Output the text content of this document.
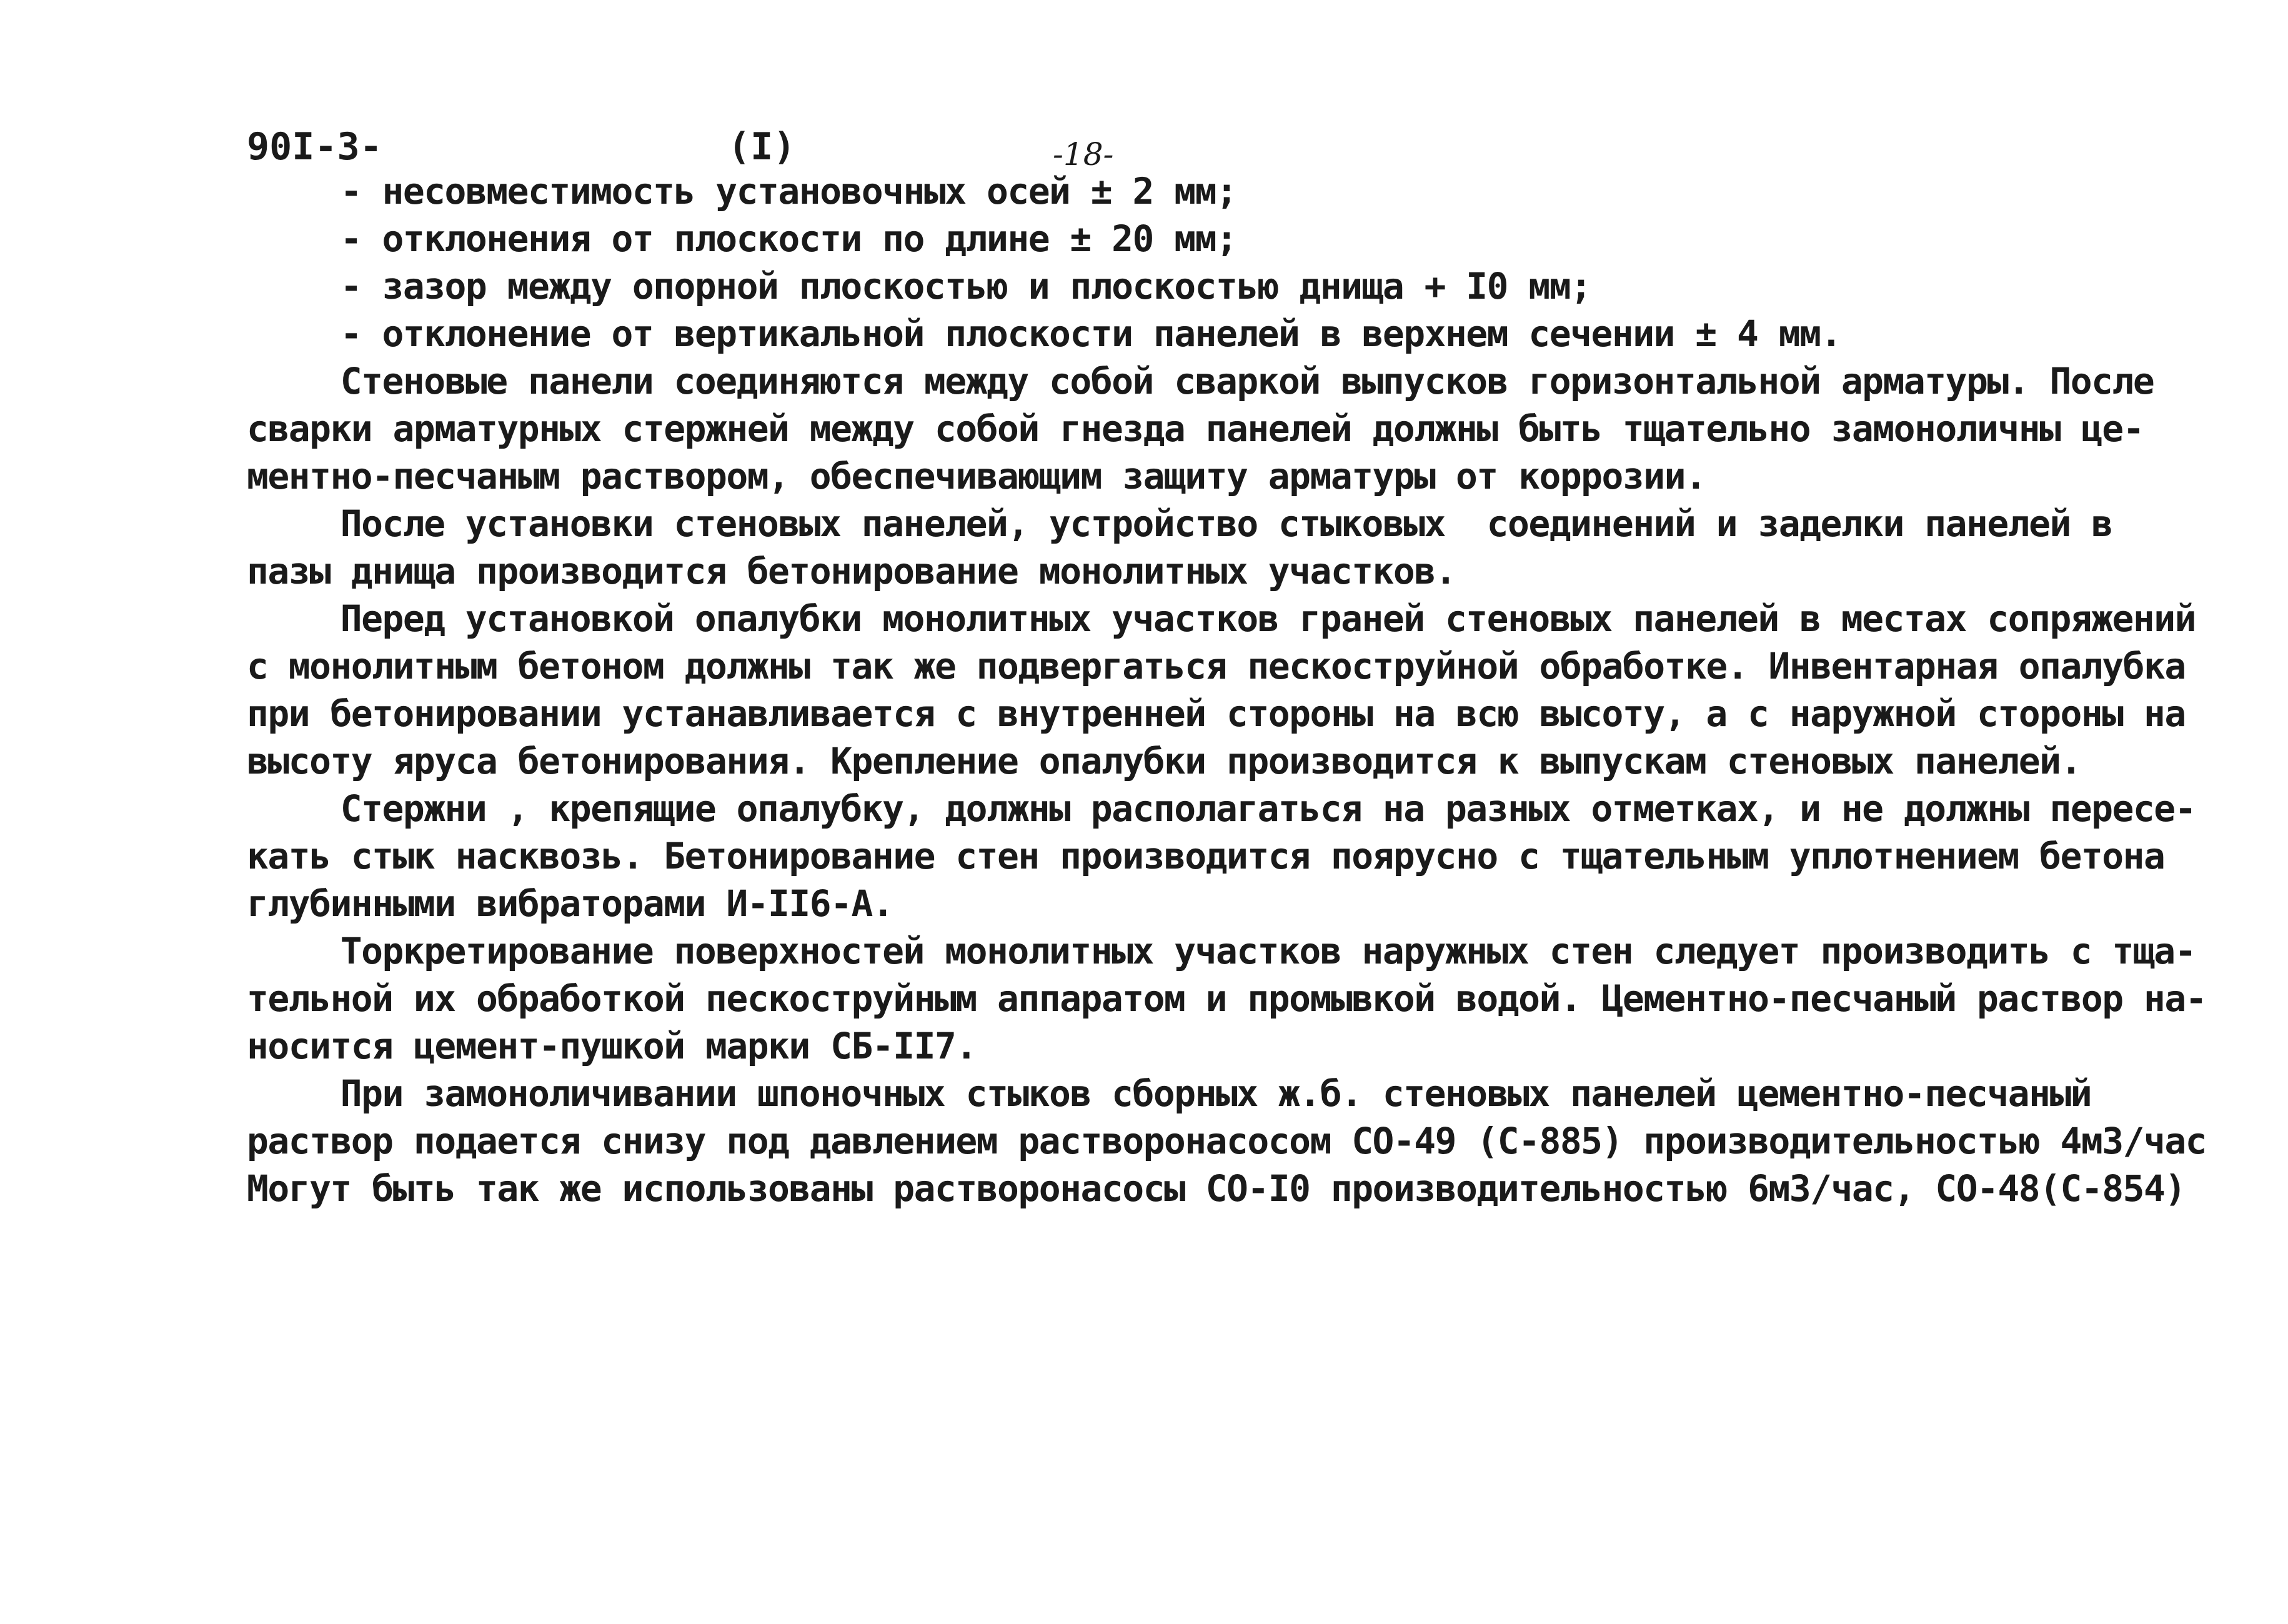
90I-3-	(I)	-18-
- несовместимость установочных осей ± 2 мм;
- отклонения от плоскости по длине ± 20 мм;
- зазор между опорной плоскостью и плоскостью днища + I0 мм;
- отклонение от вертикальной плоскости панелей в верхнем сечении ± 4 мм.
Стеновые панели соединяются между собой сваркой выпусков горизонтальной арматуры. После
сварки арматурных стержней между собой гнезда панелей должны быть тщательно замоноличны це-
ментно-песчаным раствором, обеспечивающим защиту арматуры от коррозии.
После установки стеновых панелей, устройство стыковых  соединений и заделки панелей в
пазы днища производится бетонирование монолитных участков.
Перед установкой опалубки монолитных участков граней стеновых панелей в местах сопряжений
с монолитным бетоном должны так же подвергаться пескоструйной обработке. Инвентарная опалубка
при бетонировании устанавливается с внутренней стороны на всю высоту, а с наружной стороны на
высоту яруса бетонирования. Крепление опалубки производится к выпускам стеновых панелей.
Стержни , крепящие опалубку, должны располагаться на разных отметках, и не должны пересе-
кать стык насквозь. Бетонирование стен производится поярусно с тщательным уплотнением бетона
глубинными вибраторами И-II6-А.
Торкретирование поверхностей монолитных участков наружных стен следует производить с тща-
тельной их обработкой пескоструйным аппаратом и промывкой водой. Цементно-песчаный раствор на-
носится цемент-пушкой марки СБ-II7.
При замоноличивании шпоночных стыков сборных ж.б. стеновых панелей цементно-песчаный
раствор подается снизу под давлением растворонасосом СО-49 (С-885) производительностью 4м3/час
Могут быть так же использованы растворонасосы СО-I0 производительностью 6м3/час, СО-48(С-854)
